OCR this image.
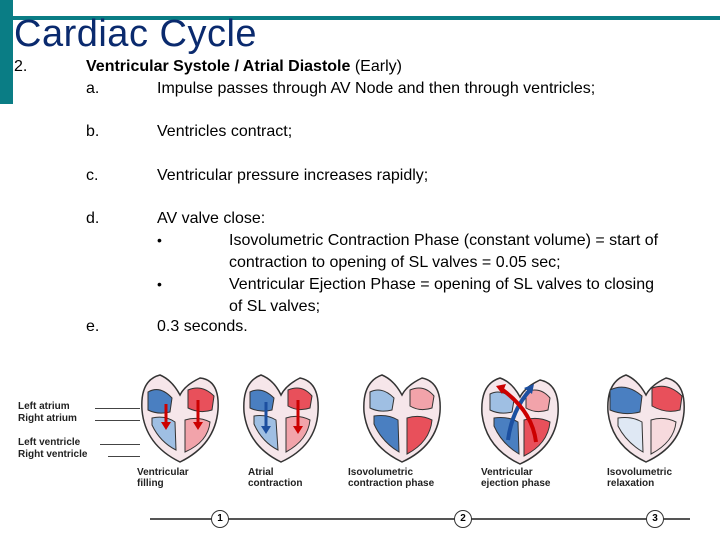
Cardiac Cycle
2.	Ventricular Systole / Atrial Diastole (Early)
a.	Impulse passes through AV Node and then through ventricles;
b.	Ventricles contract;
c.	Ventricular pressure increases rapidly;
d.	AV valve close:
•	Isovolumetric Contraction Phase (constant volume) = start of
contraction to opening of SL valves = 0.05 sec;
•	Ventricular Ejection Phase = opening of SL valves to closing
of SL valves;
e.	0.3 seconds.
Left atrium
Right atrium
Left ventricle
Right ventricle
Ventricular
filling
Atrial
contraction
Isovolumetric
contraction phase
Ventricular
ejection phase
Isovolumetric
relaxation
1	2	3
